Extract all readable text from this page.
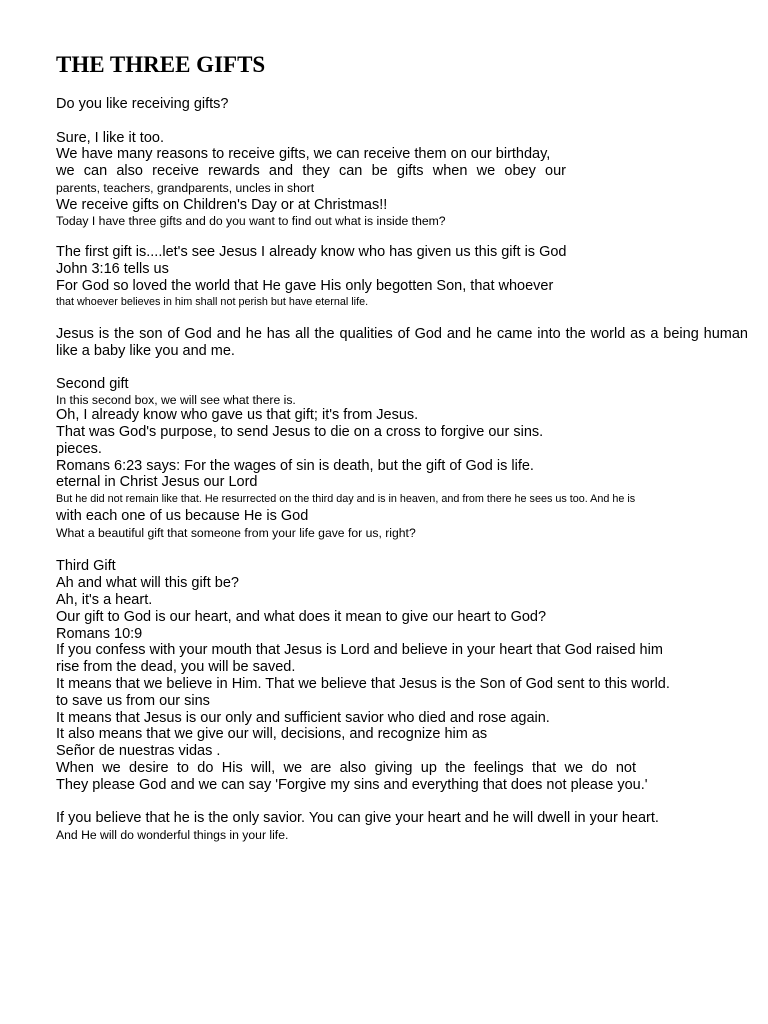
THE THREE GIFTS
Do you like receiving gifts?
Sure, I like it too.
We have many reasons to receive gifts, we can receive them on our birthday,
we can also receive rewards and they can be gifts when we obey our
parents, teachers, grandparents, uncles in short
We receive gifts on Children's Day or at Christmas!!
Today I have three gifts and do you want to find out what is inside them?
The first gift is....let's see Jesus I already know who has given us this gift is God
John 3:16 tells us
For God so loved the world that He gave His only begotten Son, that whoever
that whoever believes in him shall not perish but have eternal life.
Jesus is the son of God and he has all the qualities of God and he came into the world as a being human like a baby like you and me.
Second gift
In this second box, we will see what there is.
Oh, I already know who gave us that gift; it's from Jesus.
That was God's purpose, to send Jesus to die on a cross to forgive our sins.
pieces.
Romans 6:23 says: For the wages of sin is death, but the gift of God is life.
eternal in Christ Jesus our Lord
But he did not remain like that. He resurrected on the third day and is in heaven, and from there he sees us too. And he is
with each one of us because He is God
What a beautiful gift that someone from your life gave for us, right?
Third Gift
Ah and what will this gift be?
Ah, it's a heart.
Our gift to God is our heart, and what does it mean to give our heart to God?
Romans 10:9
If you confess with your mouth that Jesus is Lord and believe in your heart that God raised him
rise from the dead, you will be saved.
It means that we believe in Him. That we believe that Jesus is the Son of God sent to this world.
to save us from our sins
It means that Jesus is our only and sufficient savior who died and rose again.
It also means that we give our will, decisions, and recognize him as
Señor de nuestras vidas .
When we desire to do His will, we are also giving up the feelings that we do not
They please God and we can say 'Forgive my sins and everything that does not please you.'
If you believe that he is the only savior. You can give your heart and he will dwell in your heart.
And He will do wonderful things in your life.
